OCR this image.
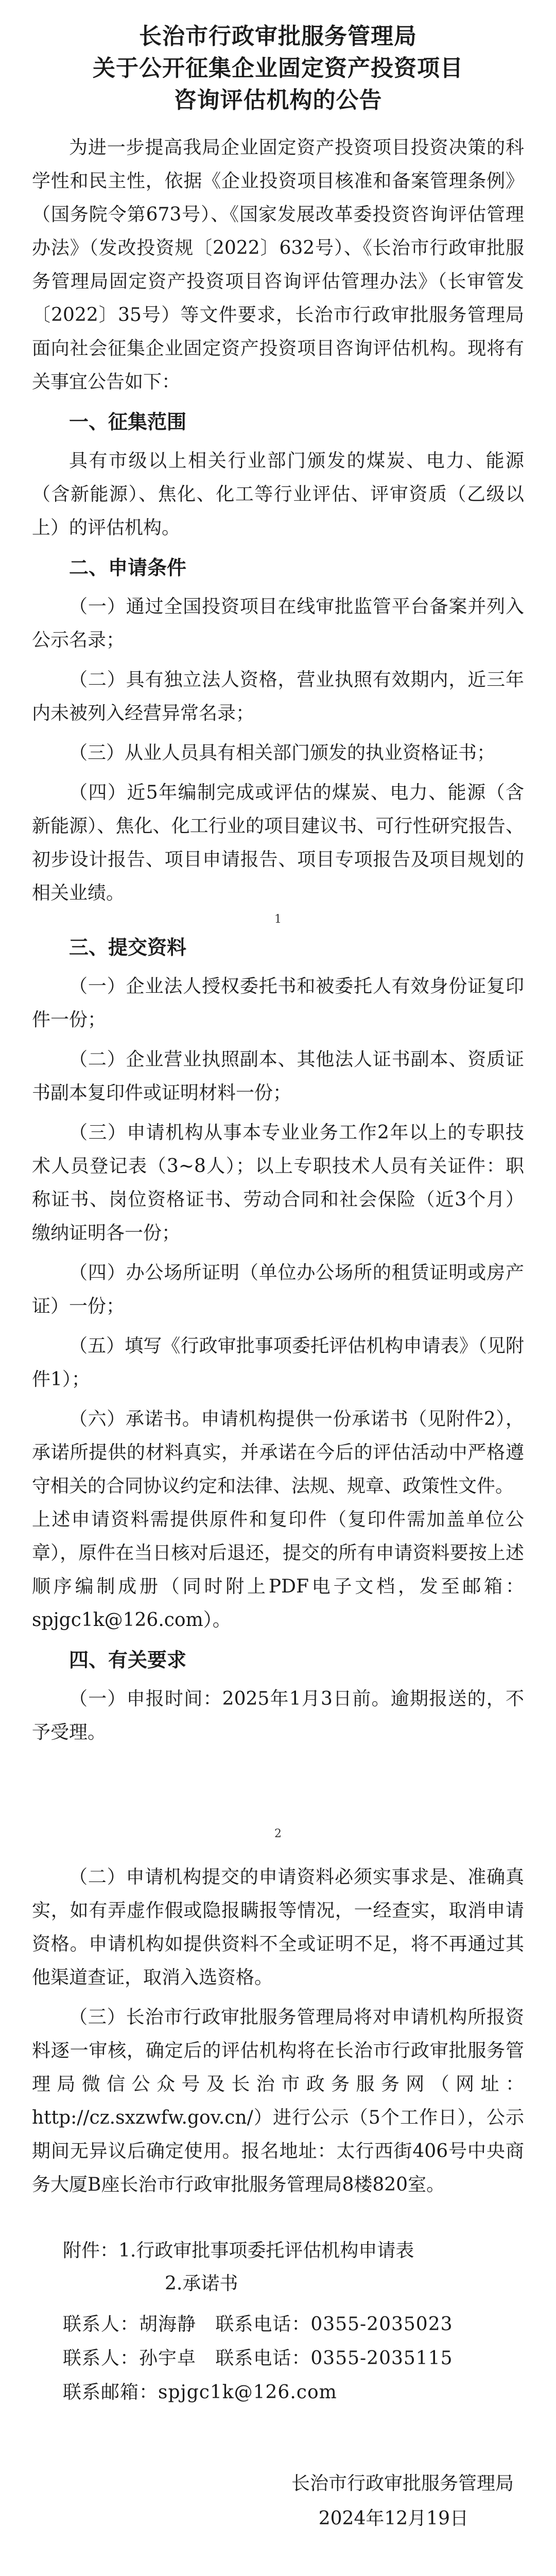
长治市行政审批服务管理局
关于公开征集企业固定资产投资项目
咨询评估机构的公告

为进一步提高我局企业固定资产投资项目投资决策的科学性和民主性，依据《企业投资项目核准和备案管理条例》（国务院令第673号）、《国家发展改革委投资咨询评估管理办法》（发改投资规〔2022〕632号）、《长治市行政审批服务管理局固定资产投资项目咨询评估管理办法》（长审管发〔2022〕35号）等文件要求，长治市行政审批服务管理局面向社会征集企业固定资产投资项目咨询评估机构。现将有关事宜公告如下：

一、征集范围

具有市级以上相关行业部门颁发的煤炭、电力、能源（含新能源）、焦化、化工等行业评估、评审资质（乙级以上）的评估机构。

二、申请条件

（一）通过全国投资项目在线审批监管平台备案并列入公示名录；

（二）具有独立法人资格，营业执照有效期内，近三年内未被列入经营异常名录；

（三）从业人员具有相关部门颁发的执业资格证书；

（四）近5年编制完成或评估的煤炭、电力、能源（含新能源）、焦化、化工行业的项目建议书、可行性研究报告、初步设计报告、项目申请报告、项目专项报告及项目规划的相关业绩。

1
三、提交资料

（一）企业法人授权委托书和被委托人有效身份证复印件一份；

（二）企业营业执照副本、其他法人证书副本、资质证书副本复印件或证明材料一份；

（三）申请机构从事本专业业务工作2年以上的专职技术人员登记表（3~8人）；以上专职技术人员有关证件：职称证书、岗位资格证书、劳动合同和社会保险（近3个月）缴纳证明各一份；

（四）办公场所证明（单位办公场所的租赁证明或房产证）一份；

（五）填写《行政审批事项委托评估机构申请表》（见附件1）；

（六）承诺书。申请机构提供一份承诺书（见附件2），承诺所提供的材料真实，并承诺在今后的评估活动中严格遵守相关的合同协议约定和法律、法规、规章、政策性文件。

上述申请资料需提供原件和复印件（复印件需加盖单位公章），原件在当日核对后退还，提交的所有申请资料要按上述顺序编制成册（同时附上PDF电子文档，发至邮箱：spjgc1k@126.com）。

四、有关要求

（一）申报时间：2025年1月3日前。逾期报送的，不予受理。

2

（二）申请机构提交的申请资料必须实事求是、准确真实，如有弄虚作假或隐报瞒报等情况，一经查实，取消申请资格。申请机构如提供资料不全或证明不足，将不再通过其他渠道查证，取消入选资格。

（三）长治市行政审批服务管理局将对申请机构所报资料逐一审核，确定后的评估机构将在长治市行政审批服务管理局微信公众号及长治市政务服务网（网址：http://cz.sxzwfw.gov.cn/）进行公示（5个工作日），公示期间无异议后确定使用。报名地址：太行西街406号中央商务大厦B座长治市行政审批服务管理局8楼820室。

附件：1.行政审批事项委托评估机构申请表
2.承诺书
联系人：胡海静 联系电话：0355-2035023
联系人：孙宇卓 联系电话：0355-2035115
联系邮箱：spjgc1k@126.com
长治市行政审批服务管理局
2024年12月19日
